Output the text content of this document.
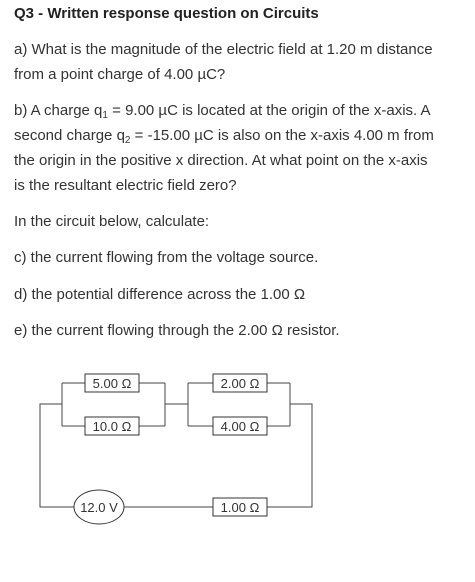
Q3 - Written response question on Circuits

a) What is the magnitude of the electric field at 1.20 m distance
from a point charge of 4.00 µC?

b) A charge $q_1 = 9.00$ µC is located at the origin of the x-axis. A
second charge $q_2 = -15.00$ µC is also on the x-axis 4.00 m from
the origin in the positive x direction. At what point on the x-axis
is the resultant electric field zero?

In the circuit below, calculate:

c) the current flowing from the voltage source.

d) the potential difference across the 1.00 Ω

e) the current flowing through the 2.00 Ω resistor.

5.00 Ω
10.0 Ω
2.00 Ω
4.00 Ω
1.00 Ω
12.0 V
